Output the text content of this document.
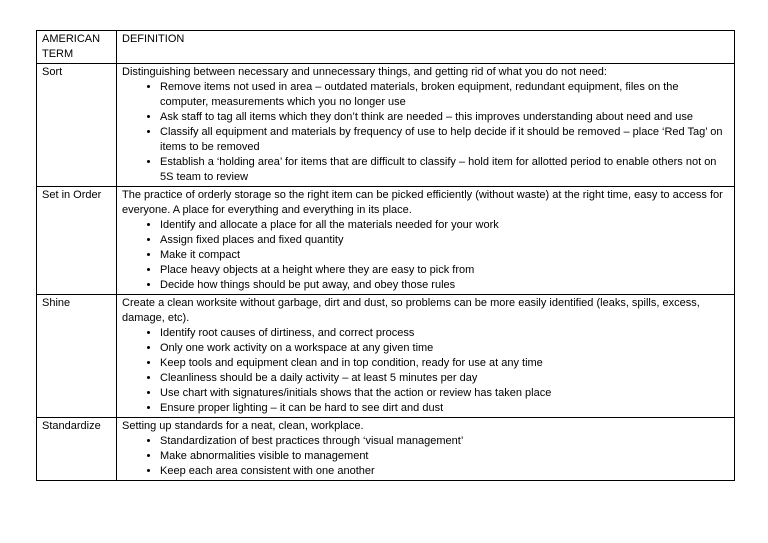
AMERICAN TERM	DEFINITION
Sort	Distinguishing between necessary and unnecessary things, and getting rid of what you do not need:
• Remove items not used in area – outdated materials, broken equipment, redundant equipment, files on the computer, measurements which you no longer use
• Ask staff to tag all items which they don’t think are needed – this improves understanding about need and use
• Classify all equipment and materials by frequency of use to help decide if it should be removed – place ‘Red Tag’ on items to be removed
• Establish a ‘holding area’ for items that are difficult to classify – hold item for allotted period to enable others not on 5S team to review

Set in Order	The practice of orderly storage so the right item can be picked efficiently (without waste) at the right time, easy to access for everyone. A place for everything and everything in its place.
• Identify and allocate a place for all the materials needed for your work
• Assign fixed places and fixed quantity
• Make it compact
• Place heavy objects at a height where they are easy to pick from
• Decide how things should be put away, and obey those rules

Shine	Create a clean worksite without garbage, dirt and dust, so problems can be more easily identified (leaks, spills, excess, damage, etc).
• Identify root causes of dirtiness, and correct process
• Only one work activity on a workspace at any given time
• Keep tools and equipment clean and in top condition, ready for use at any time
• Cleanliness should be a daily activity – at least 5 minutes per day
• Use chart with signatures/initials shows that the action or review has taken place
• Ensure proper lighting – it can be hard to see dirt and dust

Standardize	Setting up standards for a neat, clean, workplace.
• Standardization of best practices through ‘visual management’
• Make abnormalities visible to management
• Keep each area consistent with one another
